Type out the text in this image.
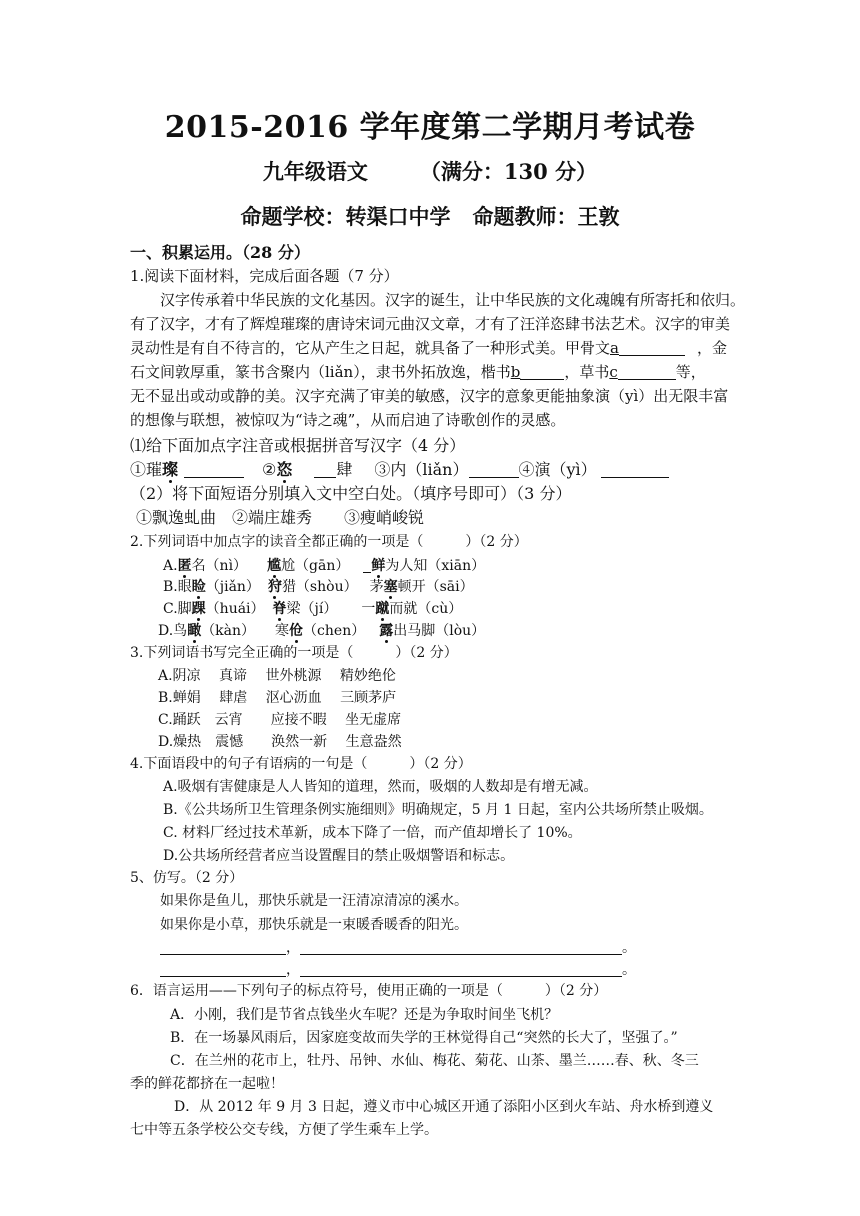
2015-2016 学年度第二学期月考试卷
九年级语文 （满分：130 分）
命题学校：转渠口中学 命题教师：王敦
一、积累运用。（28 分）
1.阅读下面材料，完成后面各题（7 分）
汉字传承着中华民族的文化基因。汉字的诞生，让中华民族的文化魂魄有所寄托和依归。
有了汉字，才有了辉煌璀璨的唐诗宋词元曲汉文章，才有了汪洋恣肆书法艺术。汉字的审美
灵动性是有自不待言的，它从产生之日起，就具备了一种形式美。甲骨文a	，金
石文间敦厚重，篆书含聚内（liǎn），隶书外拓放逸，楷书b	，草书c	等，
无不显出或动或静的美。汉字充满了审美的敏感，汉字的意象更能抽象演（yì）出无限丰富
的想像与联想，被惊叹为“诗之魂”，从而启迪了诗歌创作的灵感。
⑴给下面加点字注音或根据拼音写汉字（4 分）
①璀璨	②恣	肆 ③内（liǎn）	④演（yì）
（2）将下面短语分别填入文中空白处。（填序号即可）（3 分）
①飘逸虬曲　②端庄雄秀　　③瘦峭峻锐
2.下列词语中加点字的读音全都正确的一项是（　　　）（2 分）
A.匿名（nì） 尴尬（gān） 鲜为人知（xiān）
B.眼睑（jiǎn） 狩猎（shòu） 茅塞顿开（sāi）
C.脚踝（huái） 脊梁（jí） 一蹴而就（cù）
D.鸟瞰（kàn） 寒伧（chen） 露出马脚（lòu）
3.下列词语书写完全正确的一项是（　　　）（2 分）
A.阴凉　 真谛　 世外桃源　 精妙绝伦
B.蝉娟　 肆虐　 沤心沥血　 三顾茅庐
C.踊跃　云宵　　应接不暇　 坐无虚席
D.燥热　震憾　　涣然一新　 生意盎然
4.下面语段中的句子有语病的一句是（　　　）（2 分）
A.吸烟有害健康是人人皆知的道理，然而，吸烟的人数却是有增无减。
B.《公共场所卫生管理条例实施细则》明确规定，5 月 1 日起，室内公共场所禁止吸烟。
C. 材料厂经过技术革新，成本下降了一倍，而产值却增长了 10%。
D.公共场所经营者应当设置醒目的禁止吸烟警语和标志。
5、仿写。（2 分）
如果你是鱼儿，那快乐就是一汪清凉清凉的溪水。
如果你是小草，那快乐就是一束暖香暖香的阳光。
，	。
，	。
6．语言运用——下列句子的标点符号，使用正确的一项是（　　　）（2 分）
A．小刚，我们是节省点钱坐火车呢？还是为争取时间坐飞机？
B．在一场暴风雨后，因家庭变故而失学的王林觉得自己“突然的长大了，坚强了。”
C．在兰州的花市上，牡丹、吊钟、水仙、梅花、菊花、山茶、墨兰……春、秋、冬三
季的鲜花都挤在一起啦！
D．从 2012 年 9 月 3 日起，遵义市中心城区开通了添阳小区到火车站、舟水桥到遵义
七中等五条学校公交专线，方便了学生乘车上学。
